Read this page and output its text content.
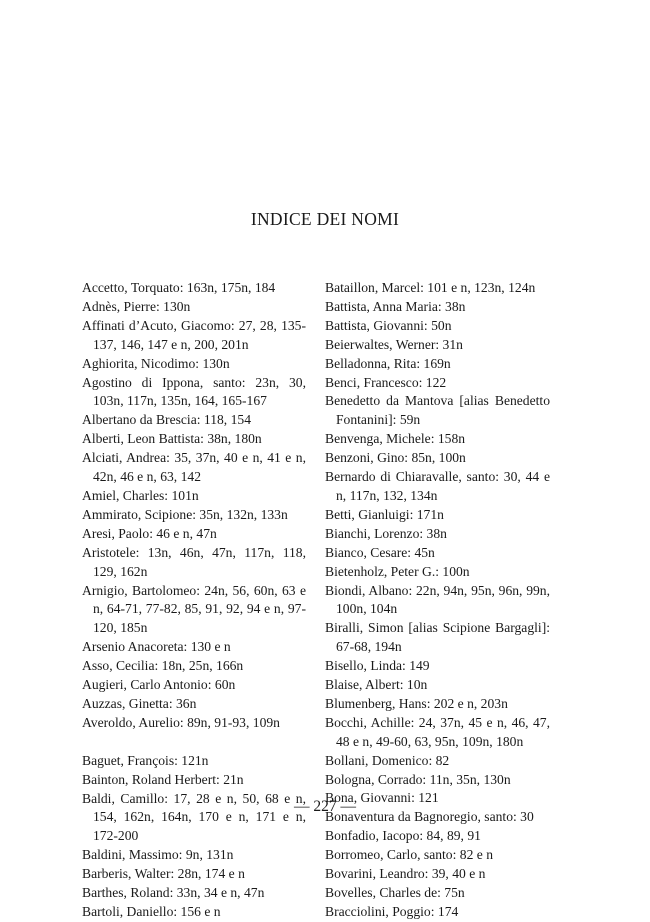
INDICE DEI NOMI
Accetto, Torquato: 163n, 175n, 184
Adnès, Pierre: 130n
Affinati d’Acuto, Giacomo: 27, 28, 135-137, 146, 147 e n, 200, 201n
Aghiorita, Nicodimo: 130n
Agostino di Ippona, santo: 23n, 30, 103n, 117n, 135n, 164, 165-167
Albertano da Brescia: 118, 154
Alberti, Leon Battista: 38n, 180n
Alciati, Andrea: 35, 37n, 40 e n, 41 e n, 42n, 46 e n, 63, 142
Amiel, Charles: 101n
Ammirato, Scipione: 35n, 132n, 133n
Aresi, Paolo: 46 e n, 47n
Aristotele: 13n, 46n, 47n, 117n, 118, 129, 162n
Arnigio, Bartolomeo: 24n, 56, 60n, 63 e n, 64-71, 77-82, 85, 91, 92, 94 e n, 97-120, 185n
Arsenio Anacoreta: 130 e n
Asso, Cecilia: 18n, 25n, 166n
Augieri, Carlo Antonio: 60n
Auzzas, Ginetta: 36n
Averoldo, Aurelio: 89n, 91-93, 109n
Baguet, François: 121n
Bainton, Roland Herbert: 21n
Baldi, Camillo: 17, 28 e n, 50, 68 e n, 154, 162n, 164n, 170 e n, 171 e n, 172-200
Baldini, Massimo: 9n, 131n
Barberis, Walter: 28n, 174 e n
Barthes, Roland: 33n, 34 e n, 47n
Bartoli, Daniello: 156 e n
Bataillon, Marcel: 101 e n, 123n, 124n
Battista, Anna Maria: 38n
Battista, Giovanni: 50n
Beierwaltes, Werner: 31n
Belladonna, Rita: 169n
Benci, Francesco: 122
Benedetto da Mantova [alias Benedetto Fontanini]: 59n
Benvenga, Michele: 158n
Benzoni, Gino: 85n, 100n
Bernardo di Chiaravalle, santo: 30, 44 e n, 117n, 132, 134n
Betti, Gianluigi: 171n
Bianchi, Lorenzo: 38n
Bianco, Cesare: 45n
Bietenholz, Peter G.: 100n
Biondi, Albano: 22n, 94n, 95n, 96n, 99n, 100n, 104n
Biralli, Simon [alias Scipione Bargagli]: 67-68, 194n
Bisello, Linda: 149
Blaise, Albert: 10n
Blumenberg, Hans: 202 e n, 203n
Bocchi, Achille: 24, 37n, 45 e n, 46, 47, 48 e n, 49-60, 63, 95n, 109n, 180n
Bollani, Domenico: 82
Bologna, Corrado: 11n, 35n, 130n
Bona, Giovanni: 121
Bonaventura da Bagnoregio, santo: 30
Bonfadio, Iacopo: 84, 89, 91
Borromeo, Carlo, santo: 82 e n
Bovarini, Leandro: 39, 40 e n
Bovelles, Charles de: 75n
Bracciolini, Poggio: 174
— 227 —
